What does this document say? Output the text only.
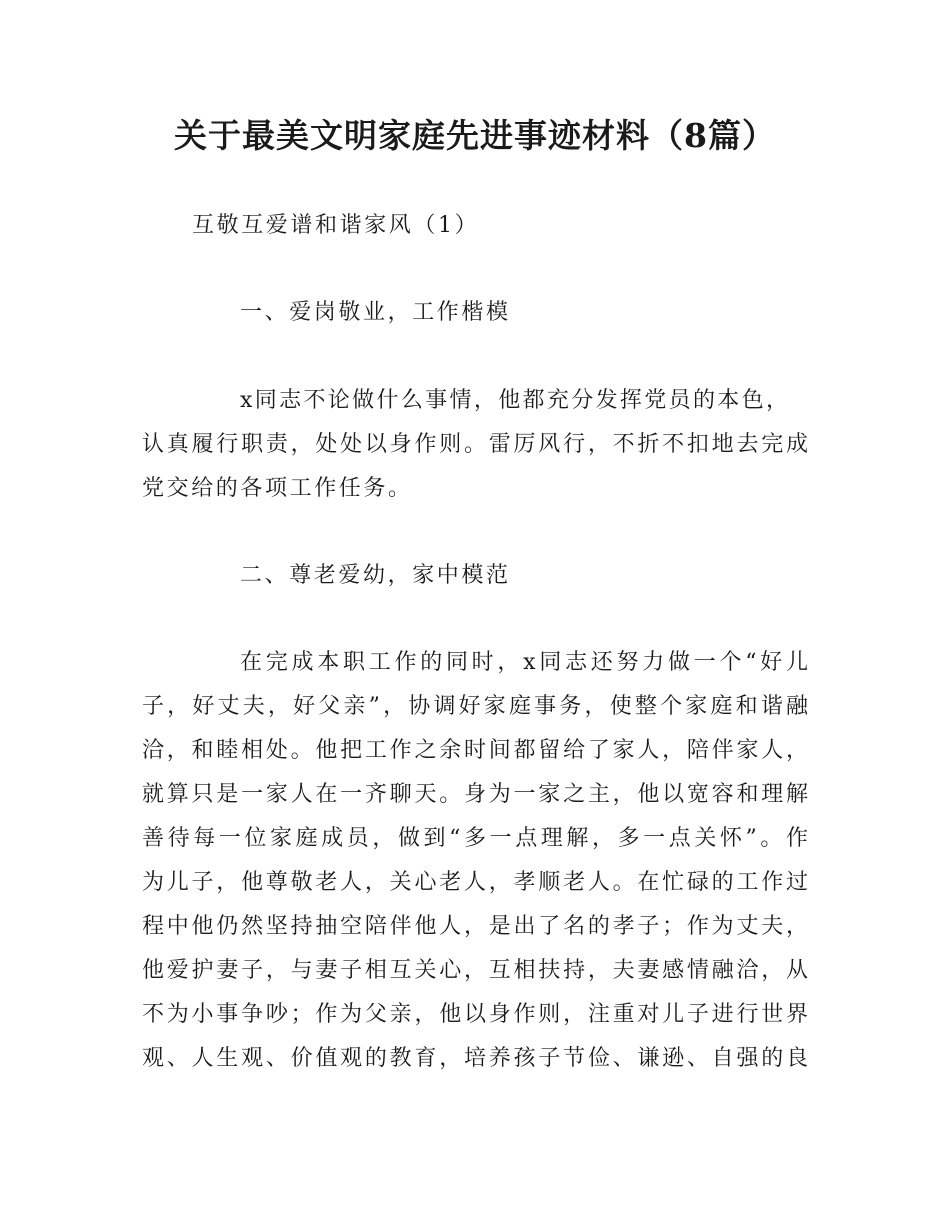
关于最美文明家庭先进事迹材料（8篇）

互敬互爱谱和谐家风（1）

一、爱岗敬业，工作楷模

x同志不论做什么事情，他都充分发挥党员的本色，

认真履行职责，处处以身作则。雷厉风行，不折不扣地去完成

党交给的各项工作任务。

二、尊老爱幼，家中模范

在完成本职工作的同时，x同志还努力做一个“好儿

子，好丈夫，好父亲”，协调好家庭事务，使整个家庭和谐融

洽，和睦相处。他把工作之余时间都留给了家人，陪伴家人，

就算只是一家人在一齐聊天。身为一家之主，他以宽容和理解

善待每一位家庭成员，做到“多一点理解，多一点关怀”。作

为儿子，他尊敬老人，关心老人，孝顺老人。在忙碌的工作过

程中他仍然坚持抽空陪伴他人，是出了名的孝子；作为丈夫，

他爱护妻子，与妻子相互关心，互相扶持，夫妻感情融洽，从

不为小事争吵；作为父亲，他以身作则，注重对儿子进行世界

观、人生观、价值观的教育，培养孩子节俭、谦逊、自强的良
